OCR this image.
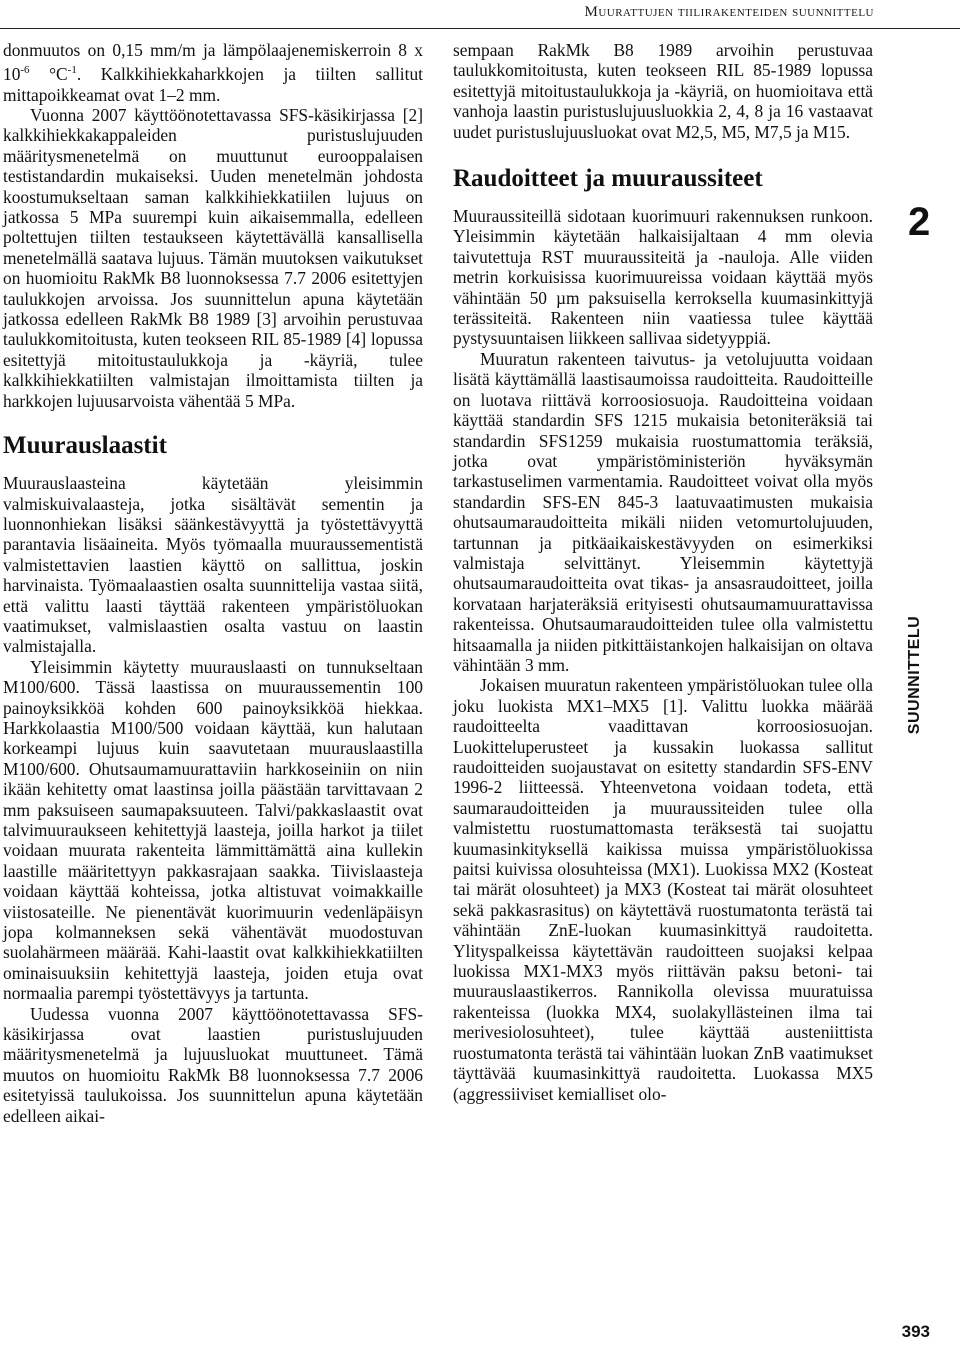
Muurattujen tiilirakenteiden suunnittelu

donmuutos on 0,15 mm/m ja lämpölaajenemiskerroin 8 x $10^{-6}$ $^\circ C^{-1}$. Kalkkihiekkaharkkojen ja tiilten sallitut mittapoikkeamat ovat 1–2 mm.

Vuonna 2007 käyttöönotettavassa SFS-käsikirjassa [2] kalkkihiekkakappaleiden puristuslujuuden määritysmenetelmä on muuttunut eurooppalaisen testistandardin mukaiseksi. Uuden menetelmän johdosta koostumukseltaan saman kalkkihiekkatiilen lujuus on jatkossa 5 MPa suurempi kuin aikaisemmalla, edelleen poltettujen tiilten testaukseen käytettävällä kansallisella menetelmällä saatava lujuus. Tämän muutoksen vaikutukset on huomioitu RakMk B8 luonnoksessa 7.7 2006 esitettyjen taulukkojen arvoissa. Jos suunnittelun apuna käytetään jatkossa edelleen RakMk B8 1989 [3] arvoihin perustuvaa taulukkomitoitusta, kuten teokseen RIL 85-1989 [4] lopussa esitettyjä mitoitustaulukkoja ja -käyriä, tulee kalkkihiekkatiilten valmistajan ilmoittamista tiilten ja harkkojen lujuusarvoista vähentää 5 MPa.

Muurauslaastit

Muurauslaasteina käytetään yleisimmin valmiskuivalaasteja, jotka sisältävät sementin ja luonnonhiekan lisäksi säänkestävyyttä ja työstettävyyttä parantavia lisäaineita. Myös työmaalla muuraussementistä valmistettavien laastien käyttö on sallittua, joskin harvinaista. Työmaalaastien osalta suunnittelija vastaa siitä, että valittu laasti täyttää rakenteen ympäristöluokan vaatimukset, valmislaastien osalta vastuu on laastin valmistajalla.

Yleisimmin käytetty muurauslaasti on tunnukseltaan M100/600. Tässä laastissa on muuraussementin 100 painoyksikköä kohden 600 painoyksikköä hiekkaa. Harkkolaastia M100/500 voidaan käyttää, kun halutaan korkeampi lujuus kuin saavutetaan muurauslaastilla M100/600. Ohutsaumamuurattaviin harkkoseiniin on niin ikään kehitetty omat laastinsa joilla päästään tarvittavaan 2 mm paksuiseen saumapaksuuteen. Talvi/pakkaslaastit ovat talvimuuraukseen kehitettyjä laasteja, joilla harkot ja tiilet voidaan muurata rakenteita lämmittämättä aina kullekin laastille määritettyyn pakkasrajaan saakka. Tiivislaasteja voidaan käyttää kohteissa, jotka altistuvat voimakkaille viistosateille. Ne pienentävät kuorimuurin vedenläpäisyn jopa kolmanneksen sekä vähentävät muodostuvan suolahärmeen määrää. Kahi-laastit ovat kalkkihiekkatiilten ominaisuuksiin kehitettyjä laasteja, joiden etuja ovat normaalia parempi työstettävyys ja tartunta.

Uudessa vuonna 2007 käyttöönotettavassa SFS-käsikirjassa ovat laastien puristuslujuuden määritysmenetelmä ja lujuusluokat muuttuneet. Tämä muutos on huomioitu RakMk B8 luonnoksessa 7.7 2006 esitetyissä taulukoissa. Jos suunnittelun apuna käytetään edelleen aikai-

sempaan RakMk B8 1989 arvoihin perustuvaa taulukkomitoitusta, kuten teokseen RIL 85-1989 lopussa esitettyjä mitoitustaulukkoja ja -käyriä, on huomioitava että vanhoja laastin puristuslujuusluokkia 2, 4, 8 ja 16 vastaavat uudet puristuslujuusluokat ovat M2,5, M5, M7,5 ja M15.

Raudoitteet ja muuraussiteet

Muuraussiteillä sidotaan kuorimuuri rakennuksen runkoon. Yleisimmin käytetään halkaisijaltaan 4 mm olevia taivutettuja RST muuraussiteitä ja -nauloja. Alle viiden metrin korkuisissa kuorimuureissa voidaan käyttää myös vähintään 50 µm paksuisella kerroksella kuumasinkittyjä terässiteitä. Rakenteen niin vaatiessa tulee käyttää pystysuuntaisen liikkeen sallivaa sidetyyppiä.

Muuratun rakenteen taivutus- ja vetolujuutta voidaan lisätä käyttämällä laastisaumoissa raudoitteita. Raudoitteille on luotava riittävä korroosiosuoja. Raudoitteina voidaan käyttää standardin SFS 1215 mukaisia betoniteräksiä tai standardin SFS1259 mukaisia ruostumattomia teräksiä, jotka ovat ympäristöministeriön hyväksymän tarkastuselimen varmentamia. Raudoitteet voivat olla myös standardin SFS-EN 845-3 laatuvaatimusten mukaisia ohutsaumaraudoitteita mikäli niiden vetomurtolujuuden, tartunnan ja pitkäaikaiskestävyyden on esimerkiksi valmistaja selvittänyt. Yleisemmin käytettyjä ohutsaumaraudoitteita ovat tikas- ja ansasraudoitteet, joilla korvataan harjateräksiä erityisesti ohutsaumamuurattavissa rakenteissa. Ohutsaumaraudoitteiden tulee olla valmistettu hitsaamalla ja niiden pitkittäistankojen halkaisijan on oltava vähintään 3 mm.

Jokaisen muuratun rakenteen ympäristöluokan tulee olla joku luokista MX1–MX5 [1]. Valittu luokka määrää raudoitteelta vaadittavan korroosiosuojan. Luokitteluperusteet ja kussakin luokassa sallitut raudoitteiden suojaustavat on esitetty standardin SFS-ENV 1996-2 liitteessä. Yhteenvetona voidaan todeta, että saumaraudoitteiden ja muuraussiteiden tulee olla valmistettu ruostumattomasta teräksestä tai suojattu kuumasinkityksellä kaikissa muissa ympäristöluokissa paitsi kuivissa olosuhteissa (MX1). Luokissa MX2 (Kosteat tai märät olosuhteet) ja MX3 (Kosteat tai märät olosuhteet sekä pakkasrasitus) on käytettävä ruostumatonta terästä tai vähintään ZnE-luokan kuumasinkittyä raudoitetta. Ylityspalkeissa käytettävän raudoitteen suojaksi kelpaa luokissa MX1-MX3 myös riittävän paksu betoni- tai muurauslaastikerros. Rannikolla olevissa muuratuissa rakenteissa (luokka MX4, suolakyllästeinen ilma tai merivesiolosuhteet), tulee käyttää austeniittista ruostumatonta terästä tai vähintään luokan ZnB vaatimukset täyttävää kuumasinkittyä raudoitetta. Luokassa MX5 (aggressiiviset kemialliset olo-

2
SUUNNITTELU
393
